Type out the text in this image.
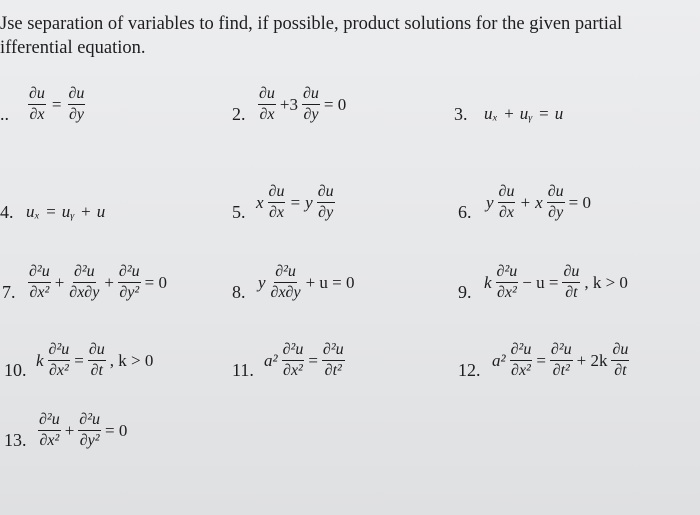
Jse separation of variables to find, if possible, product solutions for the given partial
ifferential equation.
.. $\frac{\partial u}{\partial x} = \frac{\partial u}{\partial y}$	2. $\frac{\partial u}{\partial x} +3 \frac{\partial u}{\partial y} = 0$	3. uₓ + uᵧ = u
4. uₓ = uᵧ + u	5. x $\frac{\partial u}{\partial x} = y \frac{\partial u}{\partial y}$	6. y $\frac{\partial u}{\partial x} + x \frac{\partial u}{\partial y} = 0$
7. $\frac{\text{∂²u}}{\text{∂x²}} + \frac{\text{∂²u}}{\partial x\partial y} + \frac{\text{∂²u}}{\text{∂y²}} = 0$	8. y $\frac{\text{∂²u}}{\partial x\partial y} + u = 0$	9. k $\frac{\text{∂²u}}{\text{∂x²}} - u = \frac{\partial u}{\partial t}$ , k > 0
10. k $\frac{\text{∂²u}}{\text{∂x²}} = \frac{\partial u}{\partial t}$ , k > 0	11. $a^2 \frac{\text{∂²u}}{\text{∂x²}} = \frac{\text{∂²u}}{\text{∂t²}}$	12. $a^2 \frac{\text{∂²u}}{\text{∂x²}} = \frac{\text{∂²u}}{\text{∂t²}} + 2k \frac{\partial u}{\partial t}$
13. $\frac{\text{∂²u}}{\text{∂x²}} + \frac{\text{∂²u}}{\text{∂y²}} = 0$
